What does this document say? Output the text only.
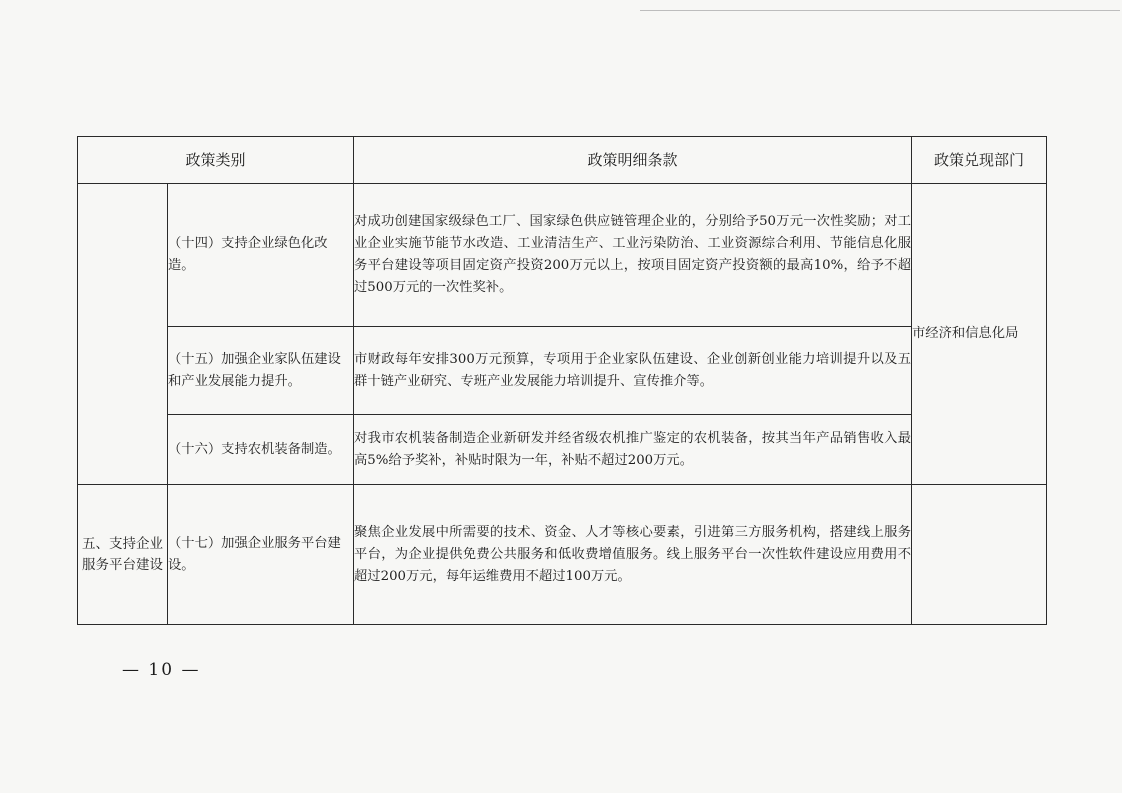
政策类别		政策明细条款	政策兑现部门
	（十四）支持企业绿色化改造。	对成功创建国家级绿色工厂、国家绿色供应链管理企业的，分别给予50万元一次性奖励；对工业企业实施节能节水改造、工业清洁生产、工业污染防治、工业资源综合利用、节能信息化服务平台建设等项目固定资产投资200万元以上，按项目固定资产投资额的最高10%，给予不超过500万元的一次性奖补。	市经济和信息化局
	（十五）加强企业家队伍建设和产业发展能力提升。	市财政每年安排300万元预算，专项用于企业家队伍建设、企业创新创业能力培训提升以及五群十链产业研究、专班产业发展能力培训提升、宣传推介等。	
	（十六）支持农机装备制造。	对我市农机装备制造企业新研发并经省级农机推广鉴定的农机装备，按其当年产品销售收入最高5%给予奖补，补贴时限为一年，补贴不超过200万元。	
五、支持企业服务平台建设	（十七）加强企业服务平台建设。	聚焦企业发展中所需要的技术、资金、人才等核心要素，引进第三方服务机构，搭建线上服务平台，为企业提供免费公共服务和低收费增值服务。线上服务平台一次性软件建设应用费用不超过200万元，每年运维费用不超过100万元。	
— 10 —
